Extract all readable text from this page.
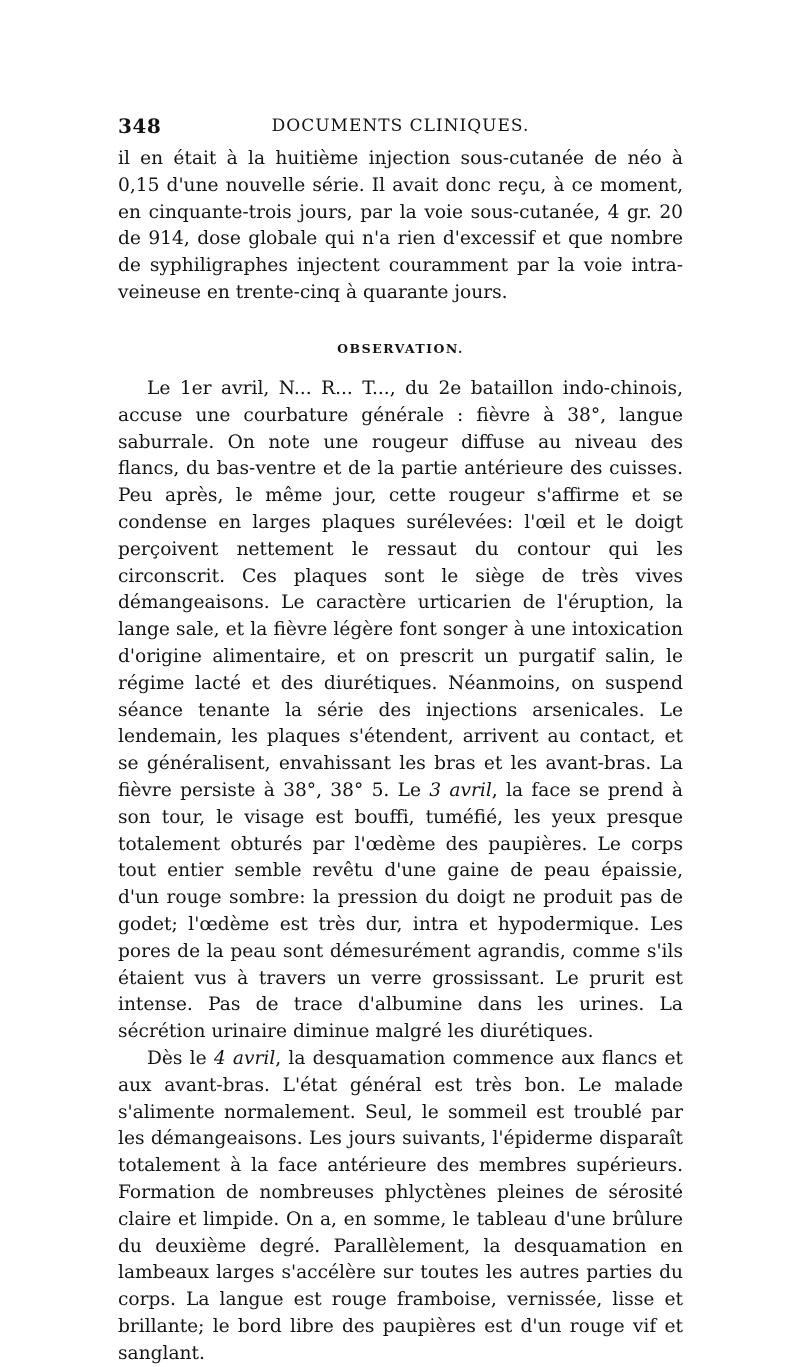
348	DOCUMENTS CLINIQUES.

il en était à la huitième injection sous-cutanée de néo à 0,15 d'une nouvelle série. Il avait donc reçu, à ce moment, en cinquante-trois jours, par la voie sous-cutanée, 4 gr. 20 de 914, dose globale qui n'a rien d'excessif et que nombre de syphiligraphes injectent couramment par la voie intra-veineuse en trente-cinq à quarante jours.

OBSERVATION.

Le 1er avril, N... R... T..., du 2e bataillon indo-chinois, accuse une courbature générale : fièvre à 38°, langue saburrale. On note une rougeur diffuse au niveau des flancs, du bas-ventre et de la partie antérieure des cuisses. Peu après, le même jour, cette rougeur s'affirme et se condense en larges plaques surélevées: l'œil et le doigt perçoivent nettement le ressaut du contour qui les circonscrit. Ces plaques sont le siège de très vives démangeaisons. Le caractère urticarien de l'éruption, la lange sale, et la fièvre légère font songer à une intoxication d'origine alimentaire, et on prescrit un purgatif salin, le régime lacté et des diurétiques. Néanmoins, on suspend séance tenante la série des injections arsenicales. Le lendemain, les plaques s'étendent, arrivent au contact, et se généralisent, envahissant les bras et les avant-bras. La fièvre persiste à 38°, 38° 5. Le 3 avril, la face se prend à son tour, le visage est bouffi, tuméfié, les yeux presque totalement obturés par l'œdème des paupières. Le corps tout entier semble revêtu d'une gaine de peau épaissie, d'un rouge sombre: la pression du doigt ne produit pas de godet; l'œdème est très dur, intra et hypodermique. Les pores de la peau sont démesurément agrandis, comme s'ils étaient vus à travers un verre grossissant. Le prurit est intense. Pas de trace d'albumine dans les urines. La sécrétion urinaire diminue malgré les diurétiques.

Dès le 4 avril, la desquamation commence aux flancs et aux avant-bras. L'état général est très bon. Le malade s'alimente normalement. Seul, le sommeil est troublé par les démangeaisons. Les jours suivants, l'épiderme disparaît totalement à la face antérieure des membres supérieurs. Formation de nombreuses phlyctènes pleines de sérosité claire et limpide. On a, en somme, le tableau d'une brûlure du deuxième degré. Parallèlement, la desquamation en lambeaux larges s'accélère sur toutes les autres parties du corps. La langue est rouge framboise, vernissée, lisse et brillante; le bord libre des paupières est d'un rouge vif et sanglant.
